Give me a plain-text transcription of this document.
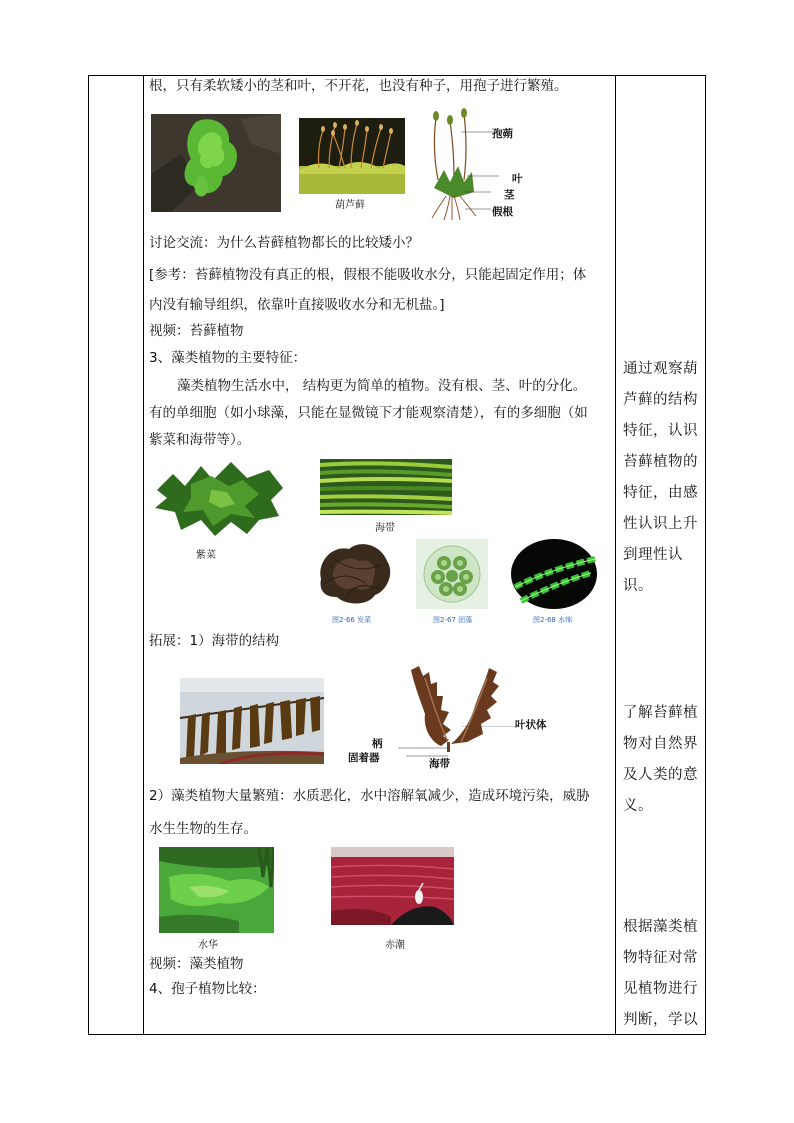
根，只有柔软矮小的茎和叶，不开花，也没有种子，用孢子进行繁殖。
葫芦藓
孢蒴
叶
茎
假根
讨论交流：为什么苔藓植物都长的比较矮小？
[参考：苔藓植物没有真正的根，假根不能吸收水分，只能起固定作用；体
内没有输导组织，依靠叶直接吸收水分和无机盐。]
视频：苔藓植物
3、藻类植物的主要特征：
藻类植物生活水中， 结构更为简单的植物。没有根、茎、叶的分化。
有的单细胞（如小球藻，只能在显微镜下才能观察清楚），有的多细胞（如
紫菜和海带等）。
紫菜
海带
图2-66 发菜	图2-67 团藻	图2-68 水绵
拓展：1）海带的结构
叶状体
柄
固着器	海带
2）藻类植物大量繁殖：水质恶化，水中溶解氧减少，造成环境污染，威胁
水生生物的生存。
水华	赤潮
视频：藻类植物
4、孢子植物比较：
通过观察葫芦藓的结构特征，认识苔藓植物的特征，由感性认识上升到理性认识。
了解苔藓植物对自然界及人类的意义。
根据藻类植物特征对常见植物进行判断，学以
